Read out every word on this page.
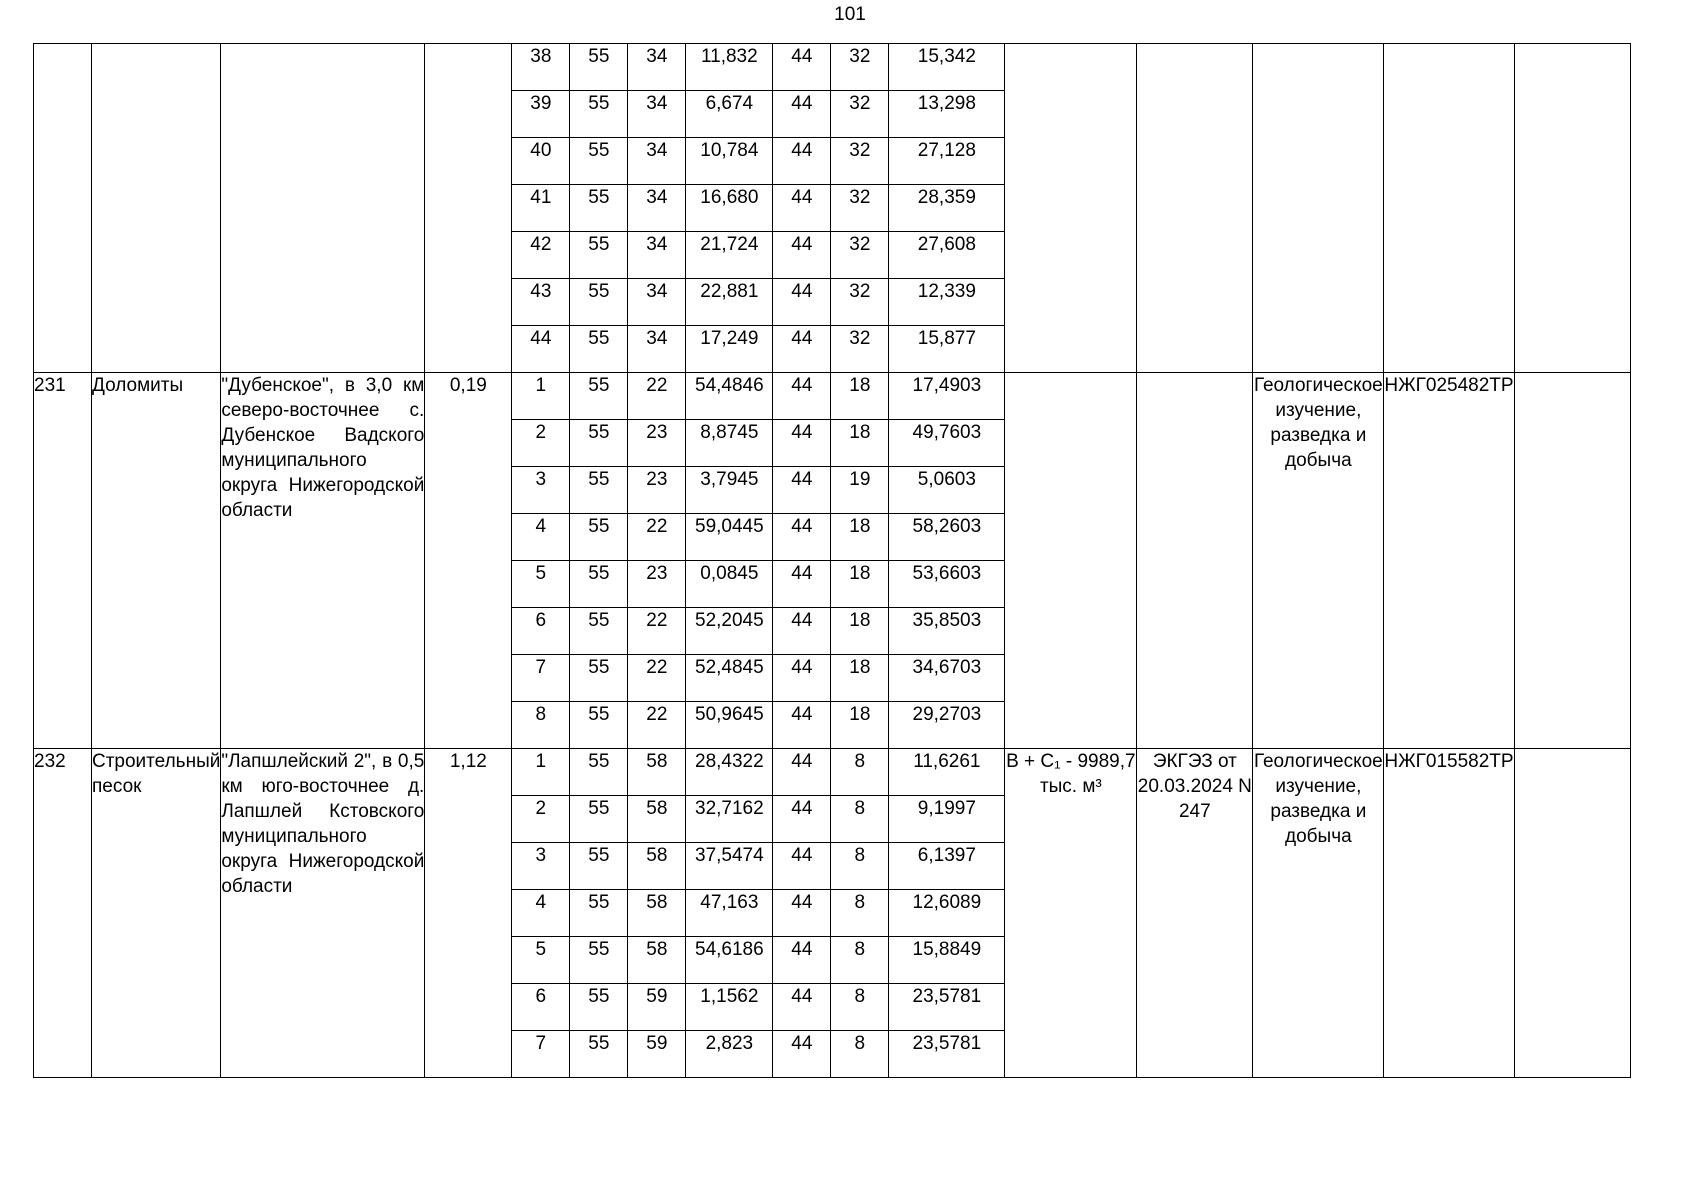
101
				38	55	34	11,832	44	32	15,342					
				39	55	34	6,674	44	32	13,298					
				40	55	34	10,784	44	32	27,128					
				41	55	34	16,680	44	32	28,359					
				42	55	34	21,724	44	32	27,608					
				43	55	34	22,881	44	32	12,339					
				44	55	34	17,249	44	32	15,877					
231	Доломиты	"Дубенское", в 3,0 км северо-восточнее с. Дубенское Вадского муниципального округа Нижегородской области	0,19	1	55	22	54,4846	44	18	17,4903			Геологическое изучение, разведка и добыча	НЖГ025482ТР	
				2	55	23	8,8745	44	18	49,7603					
				3	55	23	3,7945	44	19	5,0603					
				4	55	22	59,0445	44	18	58,2603					
				5	55	23	0,0845	44	18	53,6603					
				6	55	22	52,2045	44	18	35,8503					
				7	55	22	52,4845	44	18	34,6703					
				8	55	22	50,9645	44	18	29,2703					
232	Строительный песок	"Лапшлейский 2", в 0,5 км юго-восточнее д. Лапшлей Кстовского муниципального округа Нижегородской области	1,12	1	55	58	28,4322	44	8	11,6261	В + С₁ - 9989,7 тыс. м³	ЭКГЭЗ от 20.03.2024 N 247	Геологическое изучение, разведка и добыча	НЖГ015582ТР	
				2	55	58	32,7162	44	8	9,1997					
				3	55	58	37,5474	44	8	6,1397					
				4	55	58	47,163	44	8	12,6089					
				5	55	58	54,6186	44	8	15,8849					
				6	55	59	1,1562	44	8	23,5781					
				7	55	59	2,823	44	8	23,5781					
